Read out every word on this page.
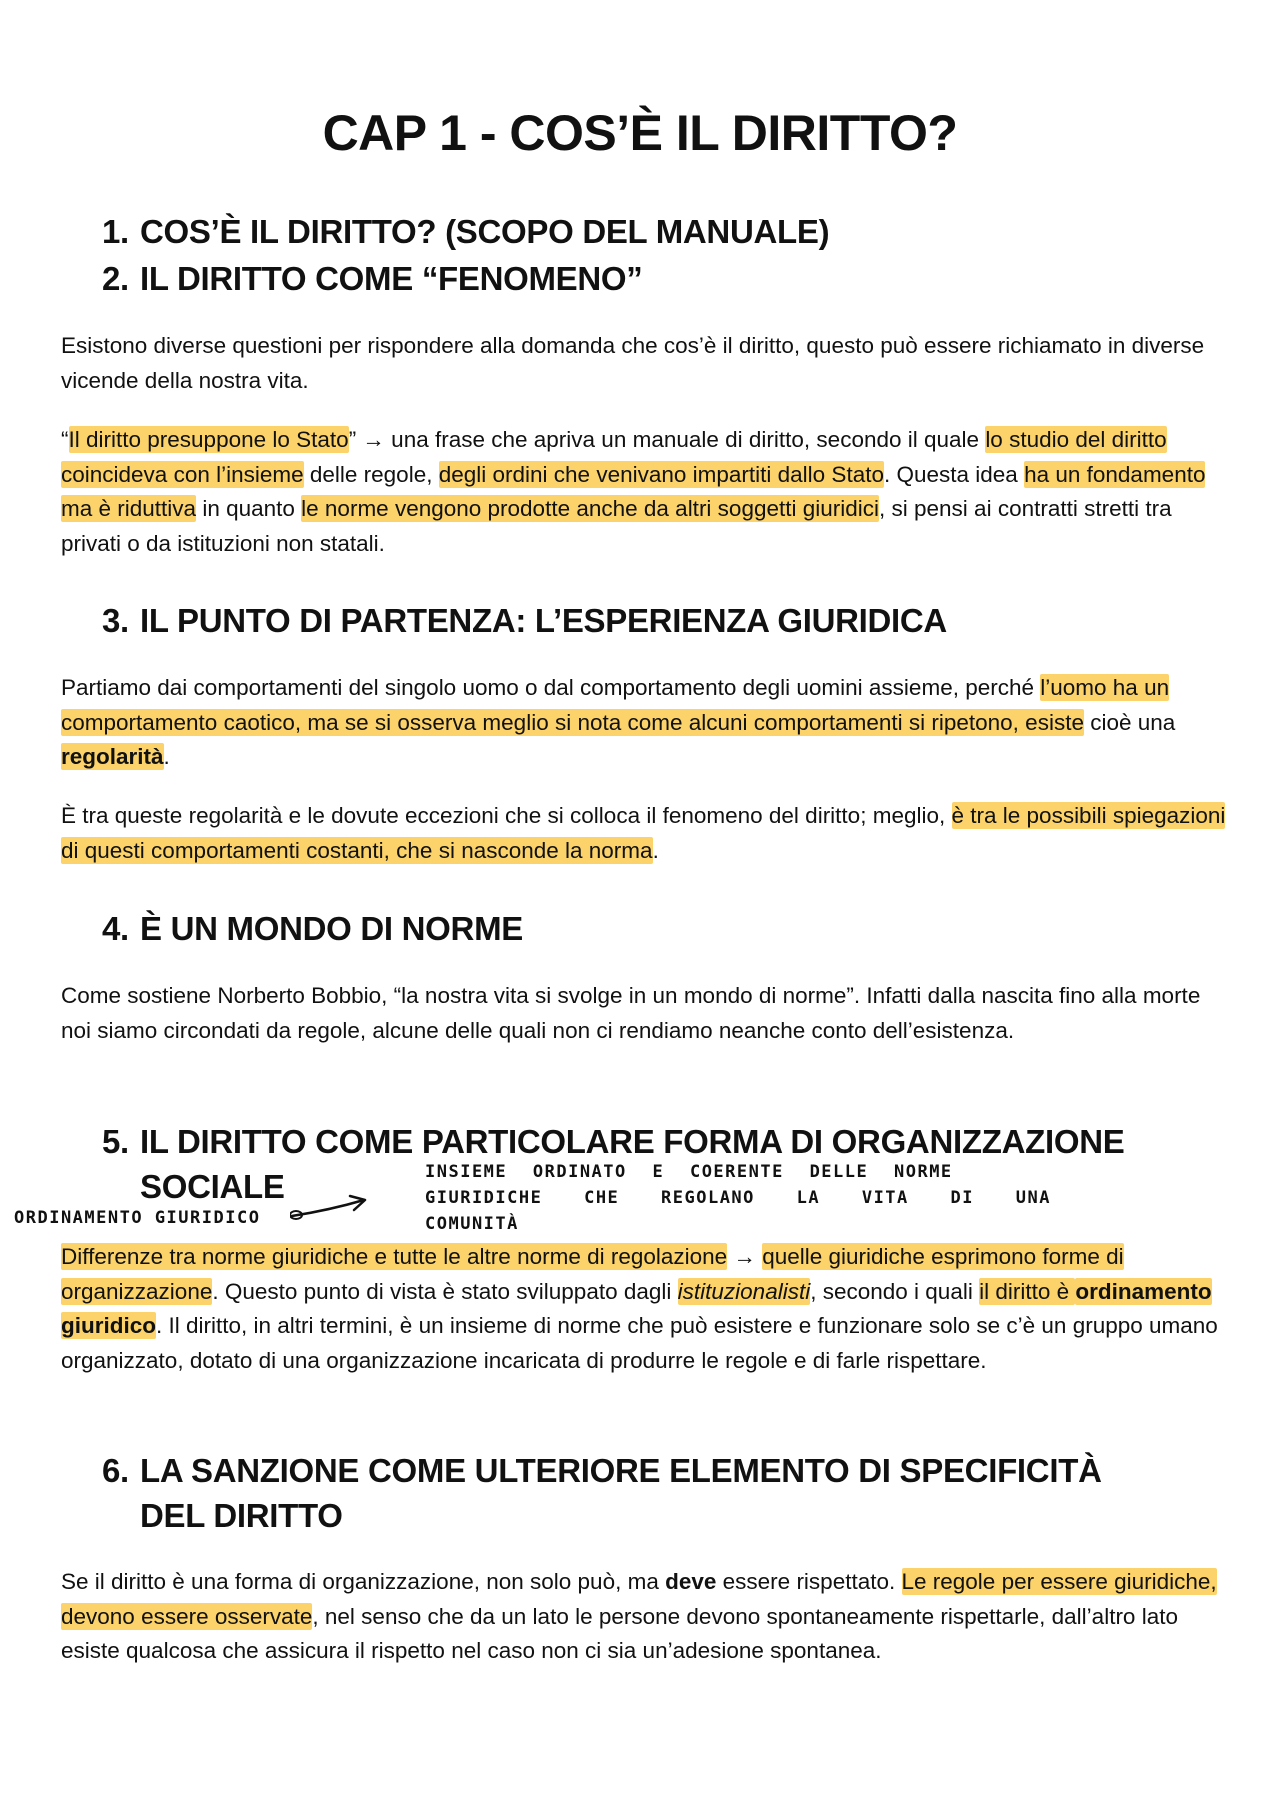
CAP 1 - COS’È IL DIRITTO?
1. COS’È IL DIRITTO? (SCOPO DEL MANUALE)
2. IL DIRITTO COME “FENOMENO”

Esistono diverse questioni per rispondere alla domanda che cos’è il diritto, questo può essere richiamato in diverse vicende della nostra vita.

“Il diritto presuppone lo Stato” → una frase che apriva un manuale di diritto, secondo il quale lo studio del diritto coincideva con l’insieme delle regole, degli ordini che venivano impartiti dallo Stato. Questa idea ha un fondamento ma è riduttiva in quanto le norme vengono prodotte anche da altri soggetti giuridici, si pensi ai contratti stretti tra privati o da istituzioni non statali.

3. IL PUNTO DI PARTENZA: L’ESPERIENZA GIURIDICA

Partiamo dai comportamenti del singolo uomo o dal comportamento degli uomini assieme, perché l’uomo ha un comportamento caotico, ma se si osserva meglio si nota come alcuni comportamenti si ripetono, esiste cioè una regolarità.

È tra queste regolarità e le dovute eccezioni che si colloca il fenomeno del diritto; meglio, è tra le possibili spiegazioni di questi comportamenti costanti, che si nasconde la norma.

4. È UN MONDO DI NORME

Come sostiene Norberto Bobbio, “la nostra vita si svolge in un mondo di norme”. Infatti dalla nascita fino alla morte noi siamo circondati da regole, alcune delle quali non ci rendiamo neanche conto dell’esistenza.

5. IL DIRITTO COME PARTICOLARE FORMA DI ORGANIZZAZIONE
SOCIALE
ORDINAMENTO GIURIDICO
INSIEME ORDINATO E COERENTE DELLE NORME
GIURIDICHE CHE REGOLANO LA VITA DI UNA
COMUNITÀ

Differenze tra norme giuridiche e tutte le altre norme di regolazione → quelle giuridiche esprimono forme di organizzazione. Questo punto di vista è stato sviluppato dagli istituzionalisti, secondo i quali il diritto è ordinamento giuridico. Il diritto, in altri termini, è un insieme di norme che può esistere e funzionare solo se c’è un gruppo umano organizzato, dotato di una organizzazione incaricata di produrre le regole e di farle rispettare.

6. LA SANZIONE COME ULTERIORE ELEMENTO DI SPECIFICITÀ
DEL DIRITTO

Se il diritto è una forma di organizzazione, non solo può, ma deve essere rispettato. Le regole per essere giuridiche, devono essere osservate, nel senso che da un lato le persone devono spontaneamente rispettarle, dall’altro lato esiste qualcosa che assicura il rispetto nel caso non ci sia un’adesione spontanea.
